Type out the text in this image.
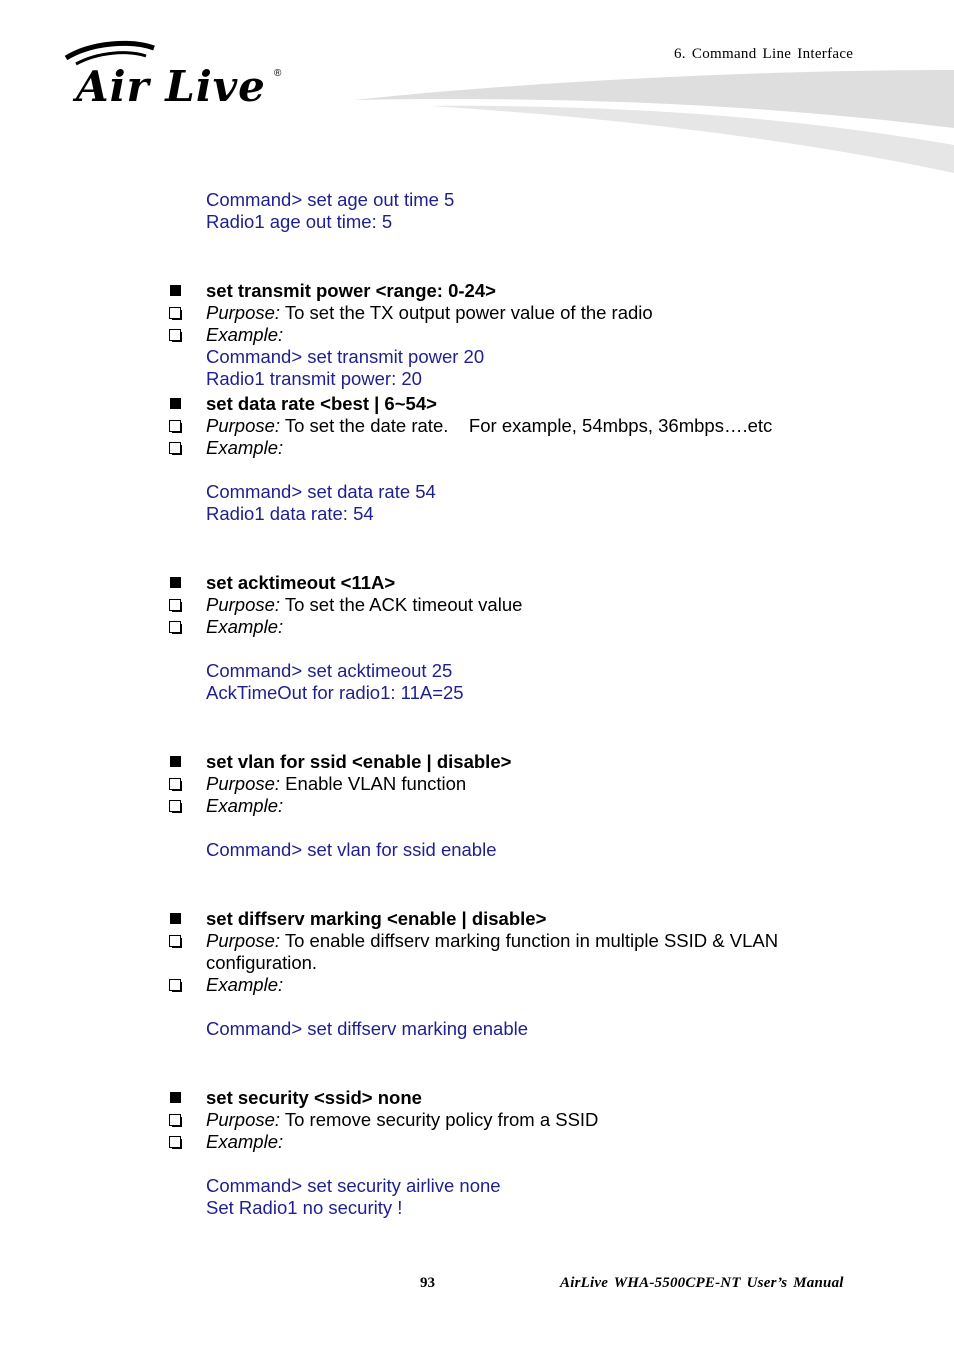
Air Live ®
6. Command Line Interface
Command> set age out time 5
Radio1 age out time: 5
set transmit power <range: 0-24>
Purpose: To set the TX output power value of the radio
Example:
Command> set transmit power 20
Radio1 transmit power: 20
set data rate <best | 6~54>
Purpose: To set the date rate.    For example, 54mbps, 36mbps….etc
Example:
Command> set data rate 54
Radio1 data rate: 54
set acktimeout <11A>
Purpose: To set the ACK timeout value
Example:
Command> set acktimeout 25
AckTimeOut for radio1: 11A=25
set vlan for ssid <enable | disable>
Purpose: Enable VLAN function
Example:
Command> set vlan for ssid enable
set diffserv marking <enable | disable>
Purpose: To enable diffserv marking function in multiple SSID & VLAN
configuration.
Example:
Command> set diffserv marking enable
set security <ssid> none
Purpose: To remove security policy from a SSID
Example:
Command> set security airlive none
Set Radio1 no security !
93	AirLive WHA-5500CPE-NT User’s Manual
